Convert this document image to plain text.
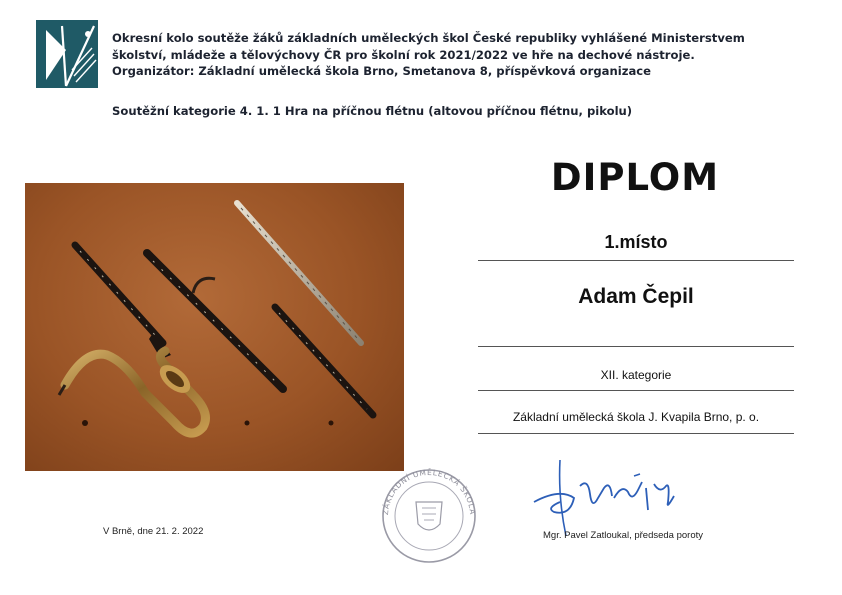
Okresní kolo soutěže žáků základních uměleckých škol České republiky vyhlášené Ministerstvem
školství, mládeže a tělovýchovy ČR pro školní rok 2021/2022 ve hře na dechové nástroje.
Organizátor: Základní umělecká škola Brno, Smetanova 8, příspěvková organizace
Soutěžní kategorie 4. 1. 1 Hra na příčnou flétnu (altovou příčnou flétnu, pikolu)
DIPLOM
1.místo
Adam Čepil
XII. kategorie
Základní umělecká škola J. Kvapila Brno, p. o.
V Brně, dne 21. 2. 2022
ZÁKLADNÍ UMĚLECKÁ ŠKOLA
Mgr. Pavel Zatloukal, předseda poroty
